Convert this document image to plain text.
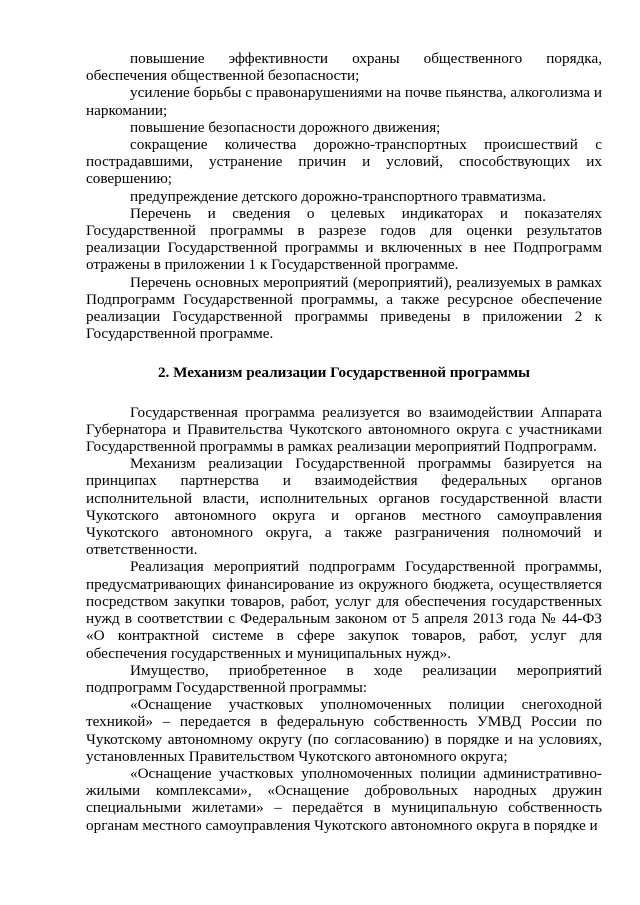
повышение эффективности охраны общественного порядка, обеспечения общественной безопасности;

усиление борьбы с правонарушениями на почве пьянства, алкоголизма и наркомании;

повышение безопасности дорожного движения;

сокращение количества дорожно-транспортных происшествий с пострадавшими, устранение причин и условий, способствующих их совершению;

предупреждение детского дорожно-транспортного травматизма.

Перечень и сведения о целевых индикаторах и показателях Государственной программы в разрезе годов для оценки результатов реализации Государственной программы и включенных в нее Подпрограмм отражены в приложении 1 к Государственной программе.

Перечень основных мероприятий (мероприятий), реализуемых в рамках Подпрограмм Государственной программы, а также ресурсное обеспечение реализации Государственной программы приведены в приложении 2 к Государственной программе.

2. Механизм реализации Государственной программы

Государственная программа реализуется во взаимодействии Аппарата Губернатора и Правительства Чукотского автономного округа с участниками Государственной программы в рамках реализации мероприятий Подпрограмм.

Механизм реализации Государственной программы базируется на принципах партнерства и взаимодействия федеральных органов исполнительной власти, исполнительных органов государственной власти Чукотского автономного округа и органов местного самоуправления Чукотского автономного округа, а также разграничения полномочий и ответственности.

Реализация мероприятий подпрограмм Государственной программы, предусматривающих финансирование из окружного бюджета, осуществляется посредством закупки товаров, работ, услуг для обеспечения государственных нужд в соответствии с Федеральным законом от 5 апреля 2013 года № 44-ФЗ «О контрактной системе в сфере закупок товаров, работ, услуг для обеспечения государственных и муниципальных нужд».

Имущество, приобретенное в ходе реализации мероприятий подпрограмм Государственной программы:

«Оснащение участковых уполномоченных полиции снегоходной техникой» – передается в федеральную собственность УМВД России по Чукотскому автономному округу (по согласованию) в порядке и на условиях, установленных Правительством Чукотского автономного округа;

«Оснащение участковых уполномоченных полиции административно-жилыми комплексами», «Оснащение добровольных народных дружин специальными жилетами» – передаётся в муниципальную собственность органам местного самоуправления Чукотского автономного округа в порядке и
